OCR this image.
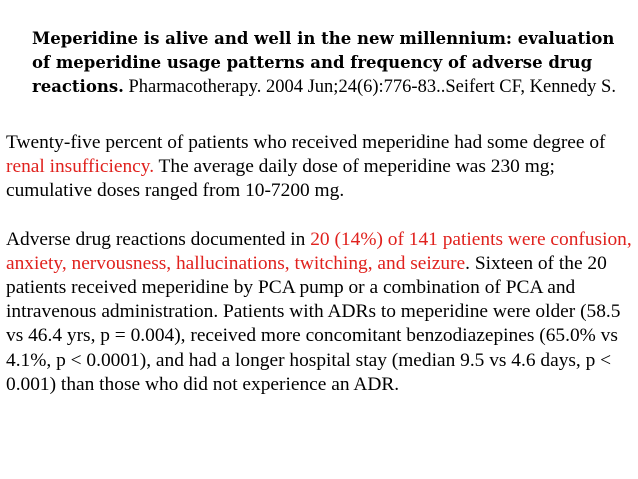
Meperidine is alive and well in the new millennium: evaluation of meperidine usage patterns and frequency of adverse drug reactions. Pharmacotherapy. 2004 Jun;24(6):776-83..Seifert CF, Kennedy S.

Twenty-five percent of patients who received meperidine had some degree of renal insufficiency. The average daily dose of meperidine was 230 mg; cumulative doses ranged from 10-7200 mg.

Adverse drug reactions documented in 20 (14%) of 141 patients were confusion, anxiety, nervousness, hallucinations, twitching, and seizure. Sixteen of the 20 patients received meperidine by PCA pump or a combination of PCA and intravenous administration. Patients with ADRs to meperidine were older (58.5 vs 46.4 yrs, p = 0.004), received more concomitant benzodiazepines (65.0% vs 4.1%, p < 0.0001), and had a longer hospital stay (median 9.5 vs 4.6 days, p < 0.001) than those who did not experience an ADR.
